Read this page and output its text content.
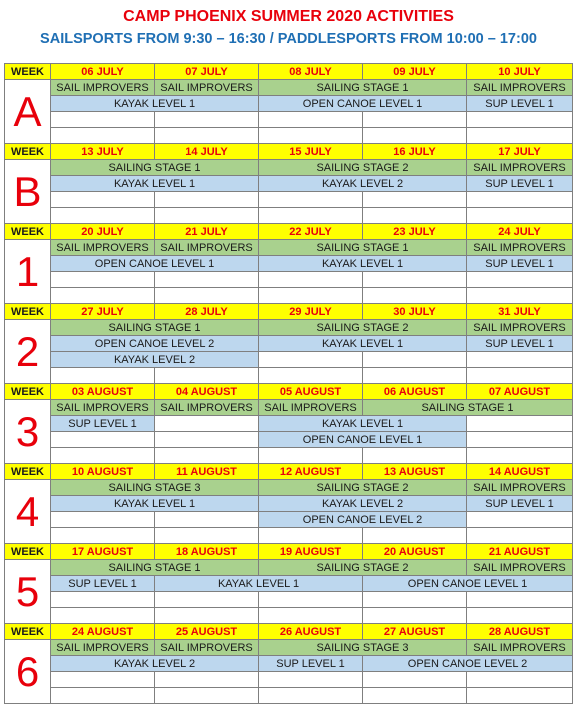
CAMP PHOENIX SUMMER 2020 ACTIVITIES
SAILSPORTS FROM 9:30 – 16:30 / PADDLESPORTS FROM 10:00 – 17:00
WEEK	06 JULY	07 JULY	08 JULY	09 JULY	10 JULY
A	SAIL IMPROVERS	SAIL IMPROVERS	SAILING STAGE 1		SAIL IMPROVERS
	KAYAK LEVEL 1		OPEN CANOE LEVEL 1		SUP LEVEL 1

WEEK	13 JULY	14 JULY	15 JULY	16 JULY	17 JULY
B	SAILING STAGE 1		SAILING STAGE 2		SAIL IMPROVERS
	KAYAK LEVEL 1		KAYAK LEVEL 2		SUP LEVEL 1

WEEK	20 JULY	21 JULY	22 JULY	23 JULY	24 JULY
1	SAIL IMPROVERS	SAIL IMPROVERS	SAILING STAGE 1		SAIL IMPROVERS
	OPEN CANOE LEVEL 1		KAYAK LEVEL 1		SUP LEVEL 1

WEEK	27 JULY	28 JULY	29 JULY	30 JULY	31 JULY
2	SAILING STAGE 1		SAILING STAGE 2		SAIL IMPROVERS
	OPEN CANOE LEVEL 2		KAYAK LEVEL 1		SUP LEVEL 1
	KAYAK LEVEL 2				

WEEK	03 AUGUST	04 AUGUST	05 AUGUST	06 AUGUST	07 AUGUST
3	SAIL IMPROVERS	SAIL IMPROVERS	SAIL IMPROVERS	SAILING STAGE 1	
	SUP LEVEL 1		KAYAK LEVEL 1		
			OPEN CANOE LEVEL 1		

WEEK	10 AUGUST	11 AUGUST	12 AUGUST	13 AUGUST	14 AUGUST
4	SAILING STAGE 3		SAILING STAGE 2		SAIL IMPROVERS
	KAYAK LEVEL 1		KAYAK LEVEL 2		SUP LEVEL 1
			OPEN CANOE LEVEL 2		

WEEK	17 AUGUST	18 AUGUST	19 AUGUST	20 AUGUST	21 AUGUST
5	SAILING STAGE 1		SAILING STAGE 2		SAIL IMPROVERS
	SUP LEVEL 1	KAYAK LEVEL 1		OPEN CANOE LEVEL 1	

WEEK	24 AUGUST	25 AUGUST	26 AUGUST	27 AUGUST	28 AUGUST
6	SAIL IMPROVERS	SAIL IMPROVERS	SAILING STAGE 3		SAIL IMPROVERS
	KAYAK LEVEL 2		SUP LEVEL 1	OPEN CANOE LEVEL 2	
